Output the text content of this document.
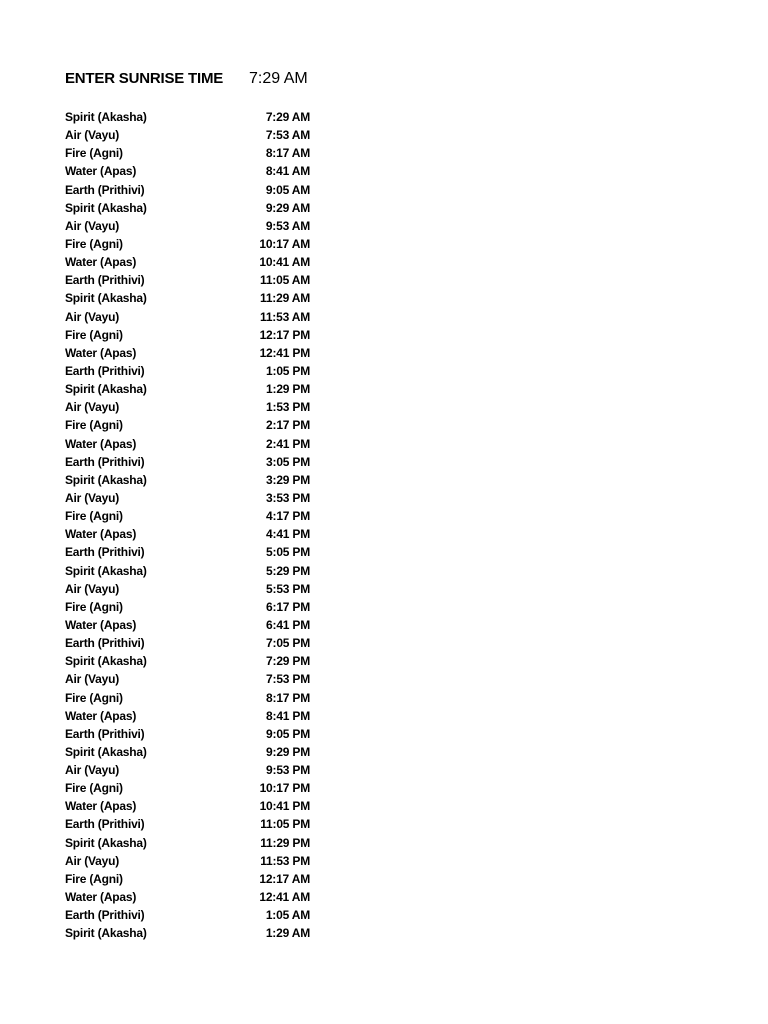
ENTER SUNRISE TIME 7:29 AM
Spirit (Akasha)	7:29 AM
Air (Vayu)	7:53 AM
Fire (Agni)	8:17 AM
Water (Apas)	8:41 AM
Earth (Prithivi)	9:05 AM
Spirit (Akasha)	9:29 AM
Air (Vayu)	9:53 AM
Fire (Agni)	10:17 AM
Water (Apas)	10:41 AM
Earth (Prithivi)	11:05 AM
Spirit (Akasha)	11:29 AM
Air (Vayu)	11:53 AM
Fire (Agni)	12:17 PM
Water (Apas)	12:41 PM
Earth (Prithivi)	1:05 PM
Spirit (Akasha)	1:29 PM
Air (Vayu)	1:53 PM
Fire (Agni)	2:17 PM
Water (Apas)	2:41 PM
Earth (Prithivi)	3:05 PM
Spirit (Akasha)	3:29 PM
Air (Vayu)	3:53 PM
Fire (Agni)	4:17 PM
Water (Apas)	4:41 PM
Earth (Prithivi)	5:05 PM
Spirit (Akasha)	5:29 PM
Air (Vayu)	5:53 PM
Fire (Agni)	6:17 PM
Water (Apas)	6:41 PM
Earth (Prithivi)	7:05 PM
Spirit (Akasha)	7:29 PM
Air (Vayu)	7:53 PM
Fire (Agni)	8:17 PM
Water (Apas)	8:41 PM
Earth (Prithivi)	9:05 PM
Spirit (Akasha)	9:29 PM
Air (Vayu)	9:53 PM
Fire (Agni)	10:17 PM
Water (Apas)	10:41 PM
Earth (Prithivi)	11:05 PM
Spirit (Akasha)	11:29 PM
Air (Vayu)	11:53 PM
Fire (Agni)	12:17 AM
Water (Apas)	12:41 AM
Earth (Prithivi)	1:05 AM
Spirit (Akasha)	1:29 AM
